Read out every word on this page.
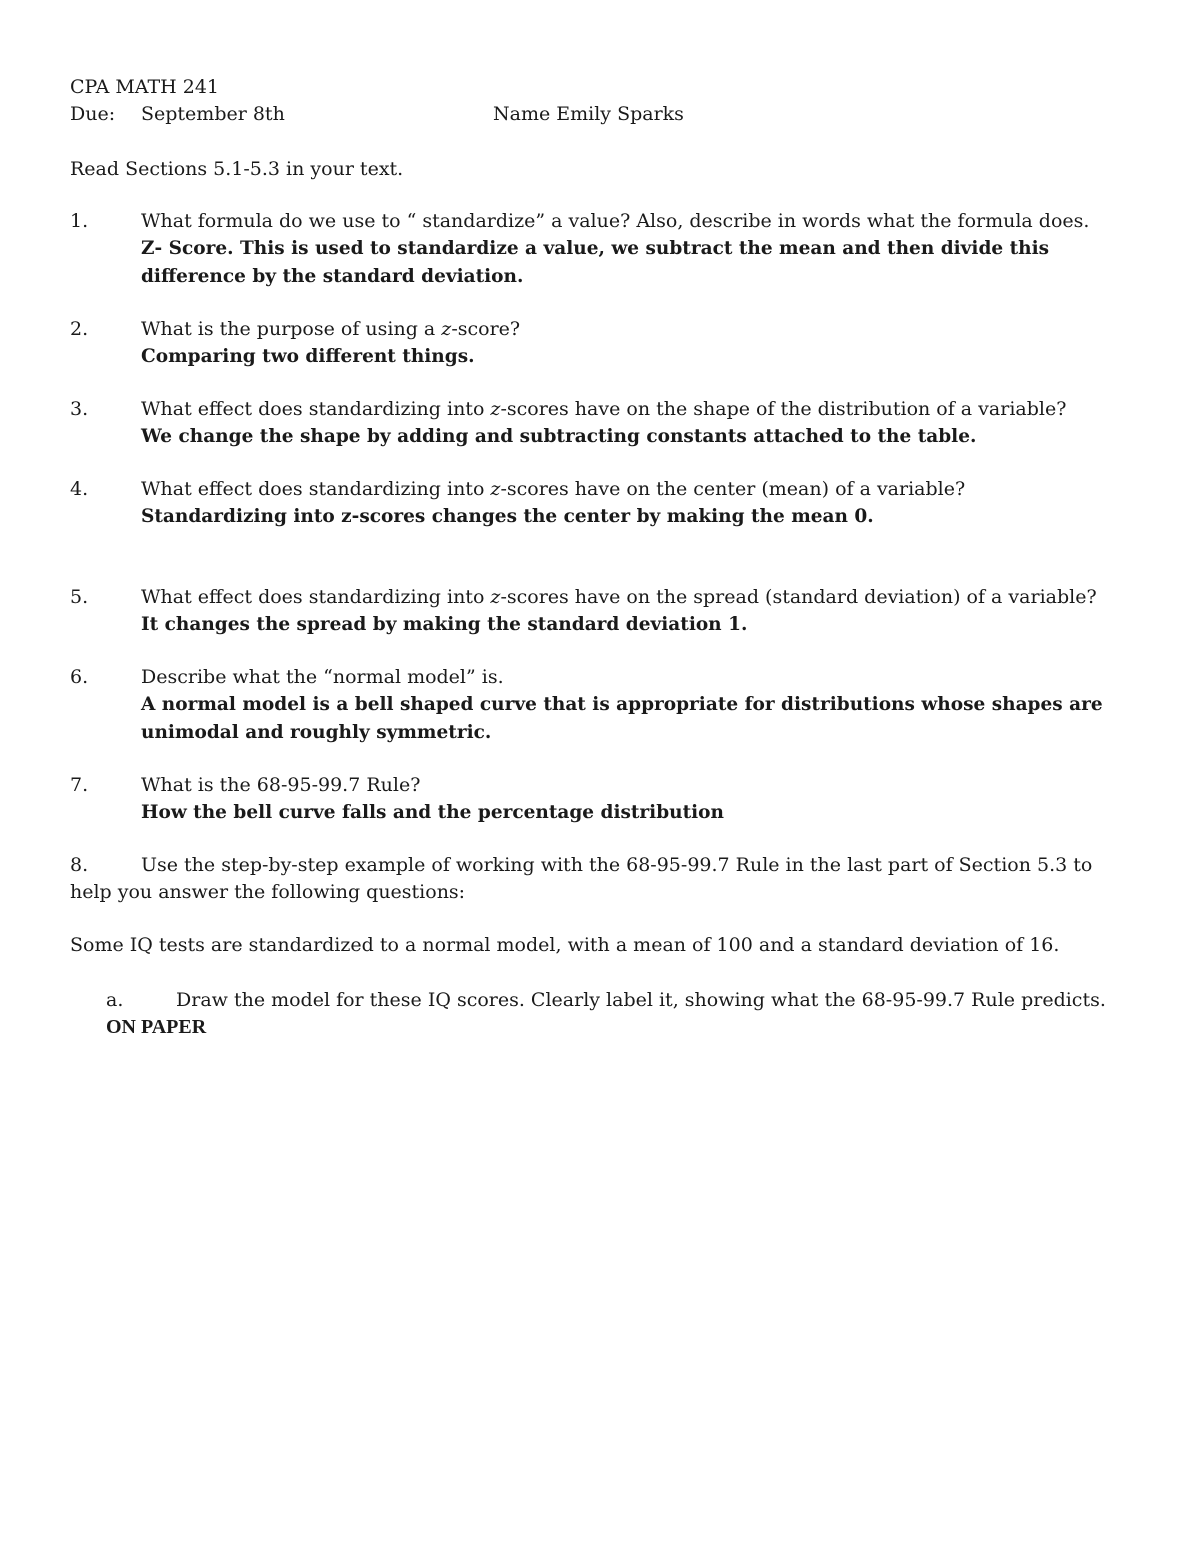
CPA MATH 241
Due: September 8th	Name Emily Sparks
Read Sections 5.1-5.3 in your text.
1.	What formula do we use to “ standardize” a value? Also, describe in words what the formula does.
Z- Score. This is used to standardize a value, we subtract the mean and then divide this difference by the standard deviation.
2.	What is the purpose of using a z-score?
Comparing two different things.
3.	What effect does standardizing into z-scores have on the shape of the distribution of a variable?
We change the shape by adding and subtracting constants attached to the table.
4.	What effect does standardizing into z-scores have on the center (mean) of a variable?
Standardizing into z-scores changes the center by making the mean 0.
5.	What effect does standardizing into z-scores have on the spread (standard deviation) of a variable?
It changes the spread by making the standard deviation 1.
6.	Describe what the “normal model” is.
A normal model is a bell shaped curve that is appropriate for distributions whose shapes are unimodal and roughly symmetric.
7.	What is the 68-95-99.7 Rule?
How the bell curve falls and the percentage distribution
8.	Use the step-by-step example of working with the 68-95-99.7 Rule in the last part of Section 5.3 to help you answer the following questions:
Some IQ tests are standardized to a normal model, with a mean of 100 and a standard deviation of 16.
a.	Draw the model for these IQ scores. Clearly label it, showing what the 68-95-99.7 Rule predicts.
ON PAPER
